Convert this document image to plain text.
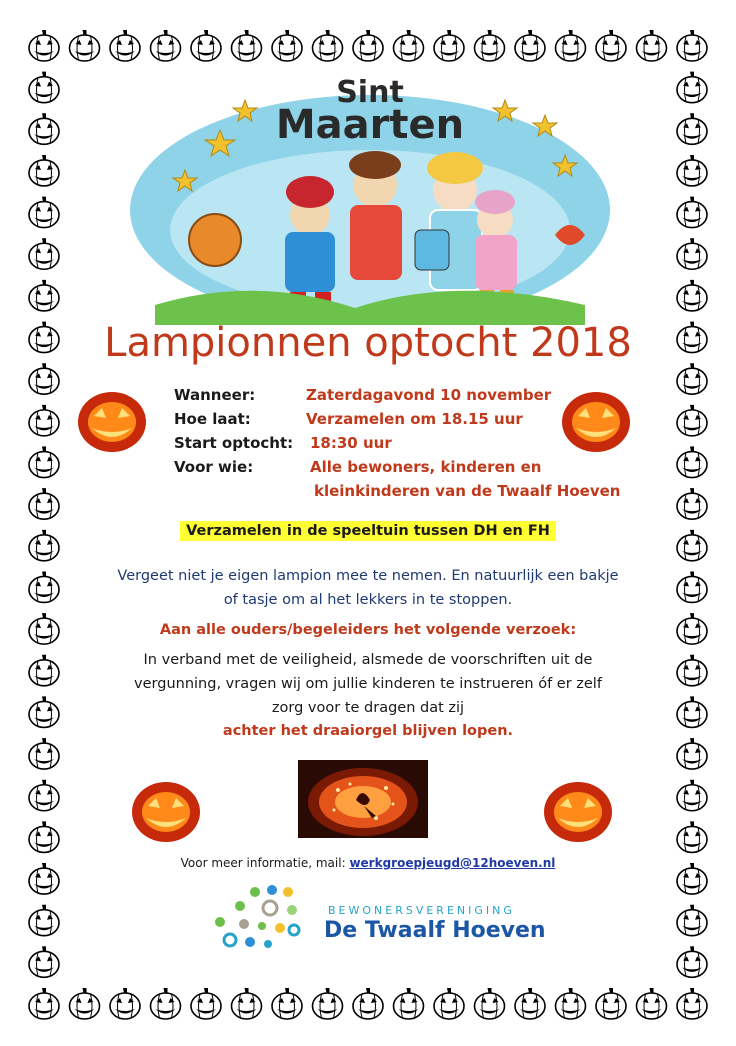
Sint
Maarten
Lampionnen optocht 2018
Wanneer:	Zaterdagavond 10 november
Hoe laat:	Verzamelen om 18.15 uur
Start optocht: 18:30 uur
Voor wie:	Alle bewoners, kinderen en
kleinkinderen van de Twaalf Hoeven
Verzamelen in de speeltuin tussen DH en FH
Vergeet niet je eigen lampion mee te nemen. En natuurlijk een bakje
of tasje om al het lekkers in te stoppen.
Aan alle ouders/begeleiders het volgende verzoek:
In verband met de veiligheid, alsmede de voorschriften uit de
vergunning, vragen wij om jullie kinderen te instrueren óf er zelf
zorg voor te dragen dat zij
achter het draaiorgel blijven lopen.
Voor meer informatie, mail: werkgroepjeugd@12hoeven.nl
BEWONERSVERENIGING
De Twaalf Hoeven
